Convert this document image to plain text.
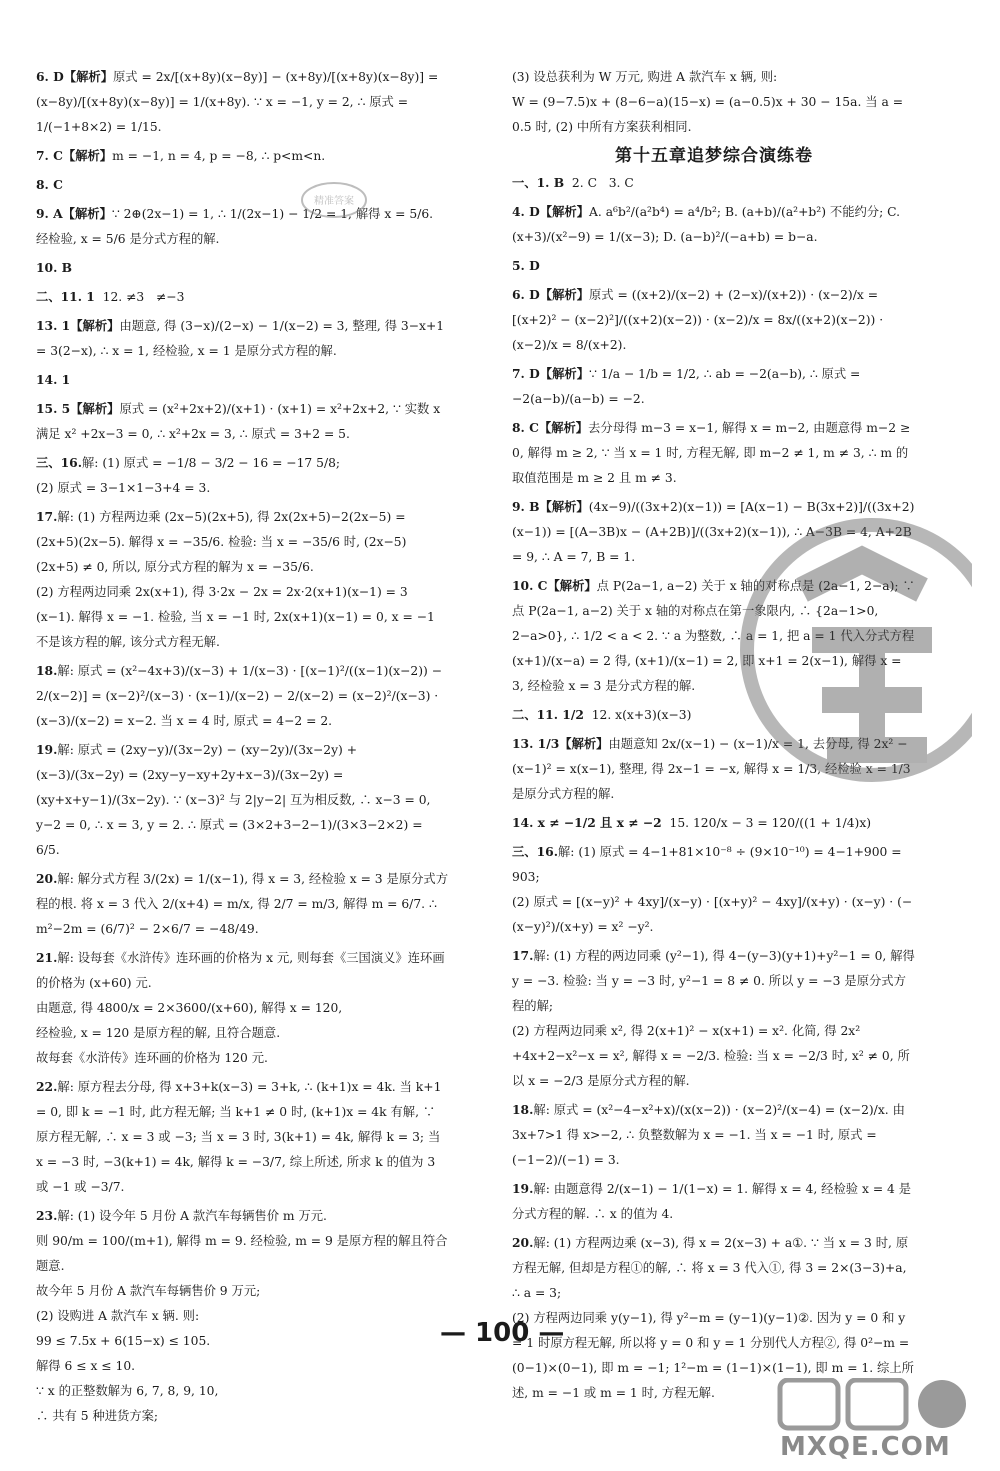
6. D【解析】原式 = 2x/[(x+8y)(x−8y)] − (x+8y)/[(x+8y)(x−8y)] = (x−8y)/[(x+8y)(x−8y)] = 1/(x+8y). ∵ x = −1, y = 2, ∴ 原式 = 1/(−1+8×2) = 1/15.
7. C【解析】m = −1, n = 4, p = −8, ∴ p<m<n.
8. C
9. A【解析】∵ 2⊕(2x−1) = 1, ∴ 1/(2x−1) − 1/2 = 1, 解得 x = 5/6. 经检验, x = 5/6 是分式方程的解.
10. B
二、11. 1  12. ≠3   ≠−3
13. 1【解析】由题意, 得 (3−x)/(2−x) − 1/(x−2) = 3, 整理, 得 3−x+1 = 3(2−x), ∴ x = 1, 经检验, x = 1 是原分式方程的解.
14. 1
15. 5【解析】原式 = (x²+2x+2)/(x+1) · (x+1) = x²+2x+2, ∵ 实数 x 满足 x² +2x−3 = 0, ∴ x²+2x = 3, ∴ 原式 = 3+2 = 5.
三、16.解: (1) 原式 = −1/8 − 3/2 − 16 = −17 5/8;
(2) 原式 = 3−1×1−3+4 = 3.
17.解: (1) 方程两边乘 (2x−5)(2x+5), 得 2x(2x+5)−2(2x−5) = (2x+5)(2x−5). 解得 x = −35/6. 检验: 当 x = −35/6 时, (2x−5)(2x+5) ≠ 0, 所以, 原分式方程的解为 x = −35/6.
(2) 方程两边同乘 2x(x+1), 得 3·2x − 2x = 2x·2(x+1)(x−1) = 3 (x−1). 解得 x = −1. 检验, 当 x = −1 时, 2x(x+1)(x−1) = 0, x = −1 不是该方程的解, 该分式方程无解.
18.解: 原式 = (x²−4x+3)/(x−3) + 1/(x−3) · [(x−1)²/((x−1)(x−2)) − 2/(x−2)] = (x−2)²/(x−3) · (x−1)/(x−2) − 2/(x−2) = (x−2)²/(x−3) · (x−3)/(x−2) = x−2. 当 x = 4 时, 原式 = 4−2 = 2.
19.解: 原式 = (2xy−y)/(3x−2y) − (xy−2y)/(3x−2y) + (x−3)/(3x−2y) = (2xy−y−xy+2y+x−3)/(3x−2y) = (xy+x+y−1)/(3x−2y). ∵ (x−3)² 与 2|y−2| 互为相反数, ∴ x−3 = 0, y−2 = 0, ∴ x = 3, y = 2. ∴ 原式 = (3×2+3−2−1)/(3×3−2×2) = 6/5.
20.解: 解分式方程 3/(2x) = 1/(x−1), 得 x = 3, 经检验 x = 3 是原分式方程的根. 将 x = 3 代入 2/(x+4) = m/x, 得 2/7 = m/3, 解得 m = 6/7. ∴ m²−2m = (6/7)² − 2×6/7 = −48/49.
21.解: 设每套《水浒传》连环画的价格为 x 元, 则每套《三国演义》连环画的价格为 (x+60) 元.
由题意, 得 4800/x = 2×3600/(x+60), 解得 x = 120,
经检验, x = 120 是原方程的解, 且符合题意.
故每套《水浒传》连环画的价格为 120 元.
22.解: 原方程去分母, 得 x+3+k(x−3) = 3+k, ∴ (k+1)x = 4k. 当 k+1 = 0, 即 k = −1 时, 此方程无解; 当 k+1 ≠ 0 时, (k+1)x = 4k 有解, ∵ 原方程无解, ∴ x = 3 或 −3; 当 x = 3 时, 3(k+1) = 4k, 解得 k = 3; 当 x = −3 时, −3(k+1) = 4k, 解得 k = −3/7, 综上所述, 所求 k 的值为 3 或 −1 或 −3/7.
23.解: (1) 设今年 5 月份 A 款汽车每辆售价 m 万元.
则 90/m = 100/(m+1), 解得 m = 9. 经检验, m = 9 是原方程的解且符合题意.
故今年 5 月份 A 款汽车每辆售价 9 万元;
(2) 设购进 A 款汽车 x 辆. 则:
99 ≤ 7.5x + 6(15−x) ≤ 105.
解得 6 ≤ x ≤ 10.
∵ x 的正整数解为 6, 7, 8, 9, 10,
∴ 共有 5 种进货方案;
(3) 设总获利为 W 万元, 购进 A 款汽车 x 辆, 则:
W = (9−7.5)x + (8−6−a)(15−x) = (a−0.5)x + 30 − 15a. 当 a = 0.5 时, (2) 中所有方案获利相同.
第十五章追梦综合演练卷
一、1. B  2. C   3. C
4. D【解析】A. a⁶b²/(a²b⁴) = a⁴/b²; B. (a+b)/(a²+b²) 不能约分; C. (x+3)/(x²−9) = 1/(x−3); D. (a−b)²/(−a+b) = b−a.
5. D
6. D【解析】原式 = ((x+2)/(x−2) + (2−x)/(x+2)) · (x−2)/x = [(x+2)² − (x−2)²]/((x+2)(x−2)) · (x−2)/x = 8x/((x+2)(x−2)) · (x−2)/x = 8/(x+2).
7. D【解析】∵ 1/a − 1/b = 1/2, ∴ ab = −2(a−b), ∴ 原式 = −2(a−b)/(a−b) = −2.
8. C【解析】去分母得 m−3 = x−1, 解得 x = m−2, 由题意得 m−2 ≥ 0, 解得 m ≥ 2, ∵ 当 x = 1 时, 方程无解, 即 m−2 ≠ 1, m ≠ 3, ∴ m 的取值范围是 m ≥ 2 且 m ≠ 3.
9. B【解析】(4x−9)/((3x+2)(x−1)) = [A(x−1) − B(3x+2)]/((3x+2)(x−1)) = [(A−3B)x − (A+2B)]/((3x+2)(x−1)), ∴ A−3B = 4, A+2B = 9, ∴ A = 7, B = 1.
10. C【解析】点 P(2a−1, a−2) 关于 x 轴的对称点是 (2a−1, 2−a); ∵ 点 P(2a−1, a−2) 关于 x 轴的对称点在第一象限内, ∴ {2a−1>0, 2−a>0}, ∴ 1/2 < a < 2. ∵ a 为整数, ∴ a = 1, 把 a = 1 代入分式方程 (x+1)/(x−a) = 2 得, (x+1)/(x−1) = 2, 即 x+1 = 2(x−1), 解得 x = 3, 经检验 x = 3 是分式方程的解.
二、11. 1/2  12. x(x+3)(x−3)
13. 1/3【解析】由题意知 2x/(x−1) − (x−1)/x = 1, 去分母, 得 2x² − (x−1)² = x(x−1), 整理, 得 2x−1 = −x, 解得 x = 1/3, 经检验 x = 1/3 是原分式方程的解.
14. x ≠ −1/2 且 x ≠ −2  15. 120/x − 3 = 120/((1 + 1/4)x)
三、16.解: (1) 原式 = 4−1+81×10⁻⁸ ÷ (9×10⁻¹⁰) = 4−1+900 = 903;
(2) 原式 = [(x−y)² + 4xy]/(x−y) · [(x+y)² − 4xy]/(x+y) · (x−y) · (−(x−y)²)/(x+y) = x² −y².
17.解: (1) 方程的两边同乘 (y²−1), 得 4−(y−3)(y+1)+y²−1 = 0, 解得 y = −3. 检验: 当 y = −3 时, y²−1 = 8 ≠ 0. 所以 y = −3 是原分式方程的解;
(2) 方程两边同乘 x², 得 2(x+1)² − x(x+1) = x². 化简, 得 2x² +4x+2−x²−x = x², 解得 x = −2/3. 检验: 当 x = −2/3 时, x² ≠ 0, 所以 x = −2/3 是原分式方程的解.
18.解: 原式 = (x²−4−x²+x)/(x(x−2)) · (x−2)²/(x−4) = (x−2)/x. 由 3x+7>1 得 x>−2, ∴ 负整数解为 x = −1. 当 x = −1 时, 原式 = (−1−2)/(−1) = 3.
19.解: 由题意得 2/(x−1) − 1/(1−x) = 1. 解得 x = 4, 经检验 x = 4 是分式方程的解. ∴ x 的值为 4.
20.解: (1) 方程两边乘 (x−3), 得 x = 2(x−3) + a①. ∵ 当 x = 3 时, 原方程无解, 但却是方程①的解, ∴ 将 x = 3 代入①, 得 3 = 2×(3−3)+a, ∴ a = 3;
(2) 方程两边同乘 y(y−1), 得 y²−m = (y−1)(y−1)②. 因为 y = 0 和 y = 1 时原方程无解, 所以将 y = 0 和 y = 1 分别代人方程②, 得 0²−m = (0−1)×(0−1), 即 m = −1; 1²−m = (1−1)×(1−1), 即 m = 1. 综上所述, m = −1 或 m = 1 时, 方程无解.
精准答案
— 100 —
MXQE.COM
